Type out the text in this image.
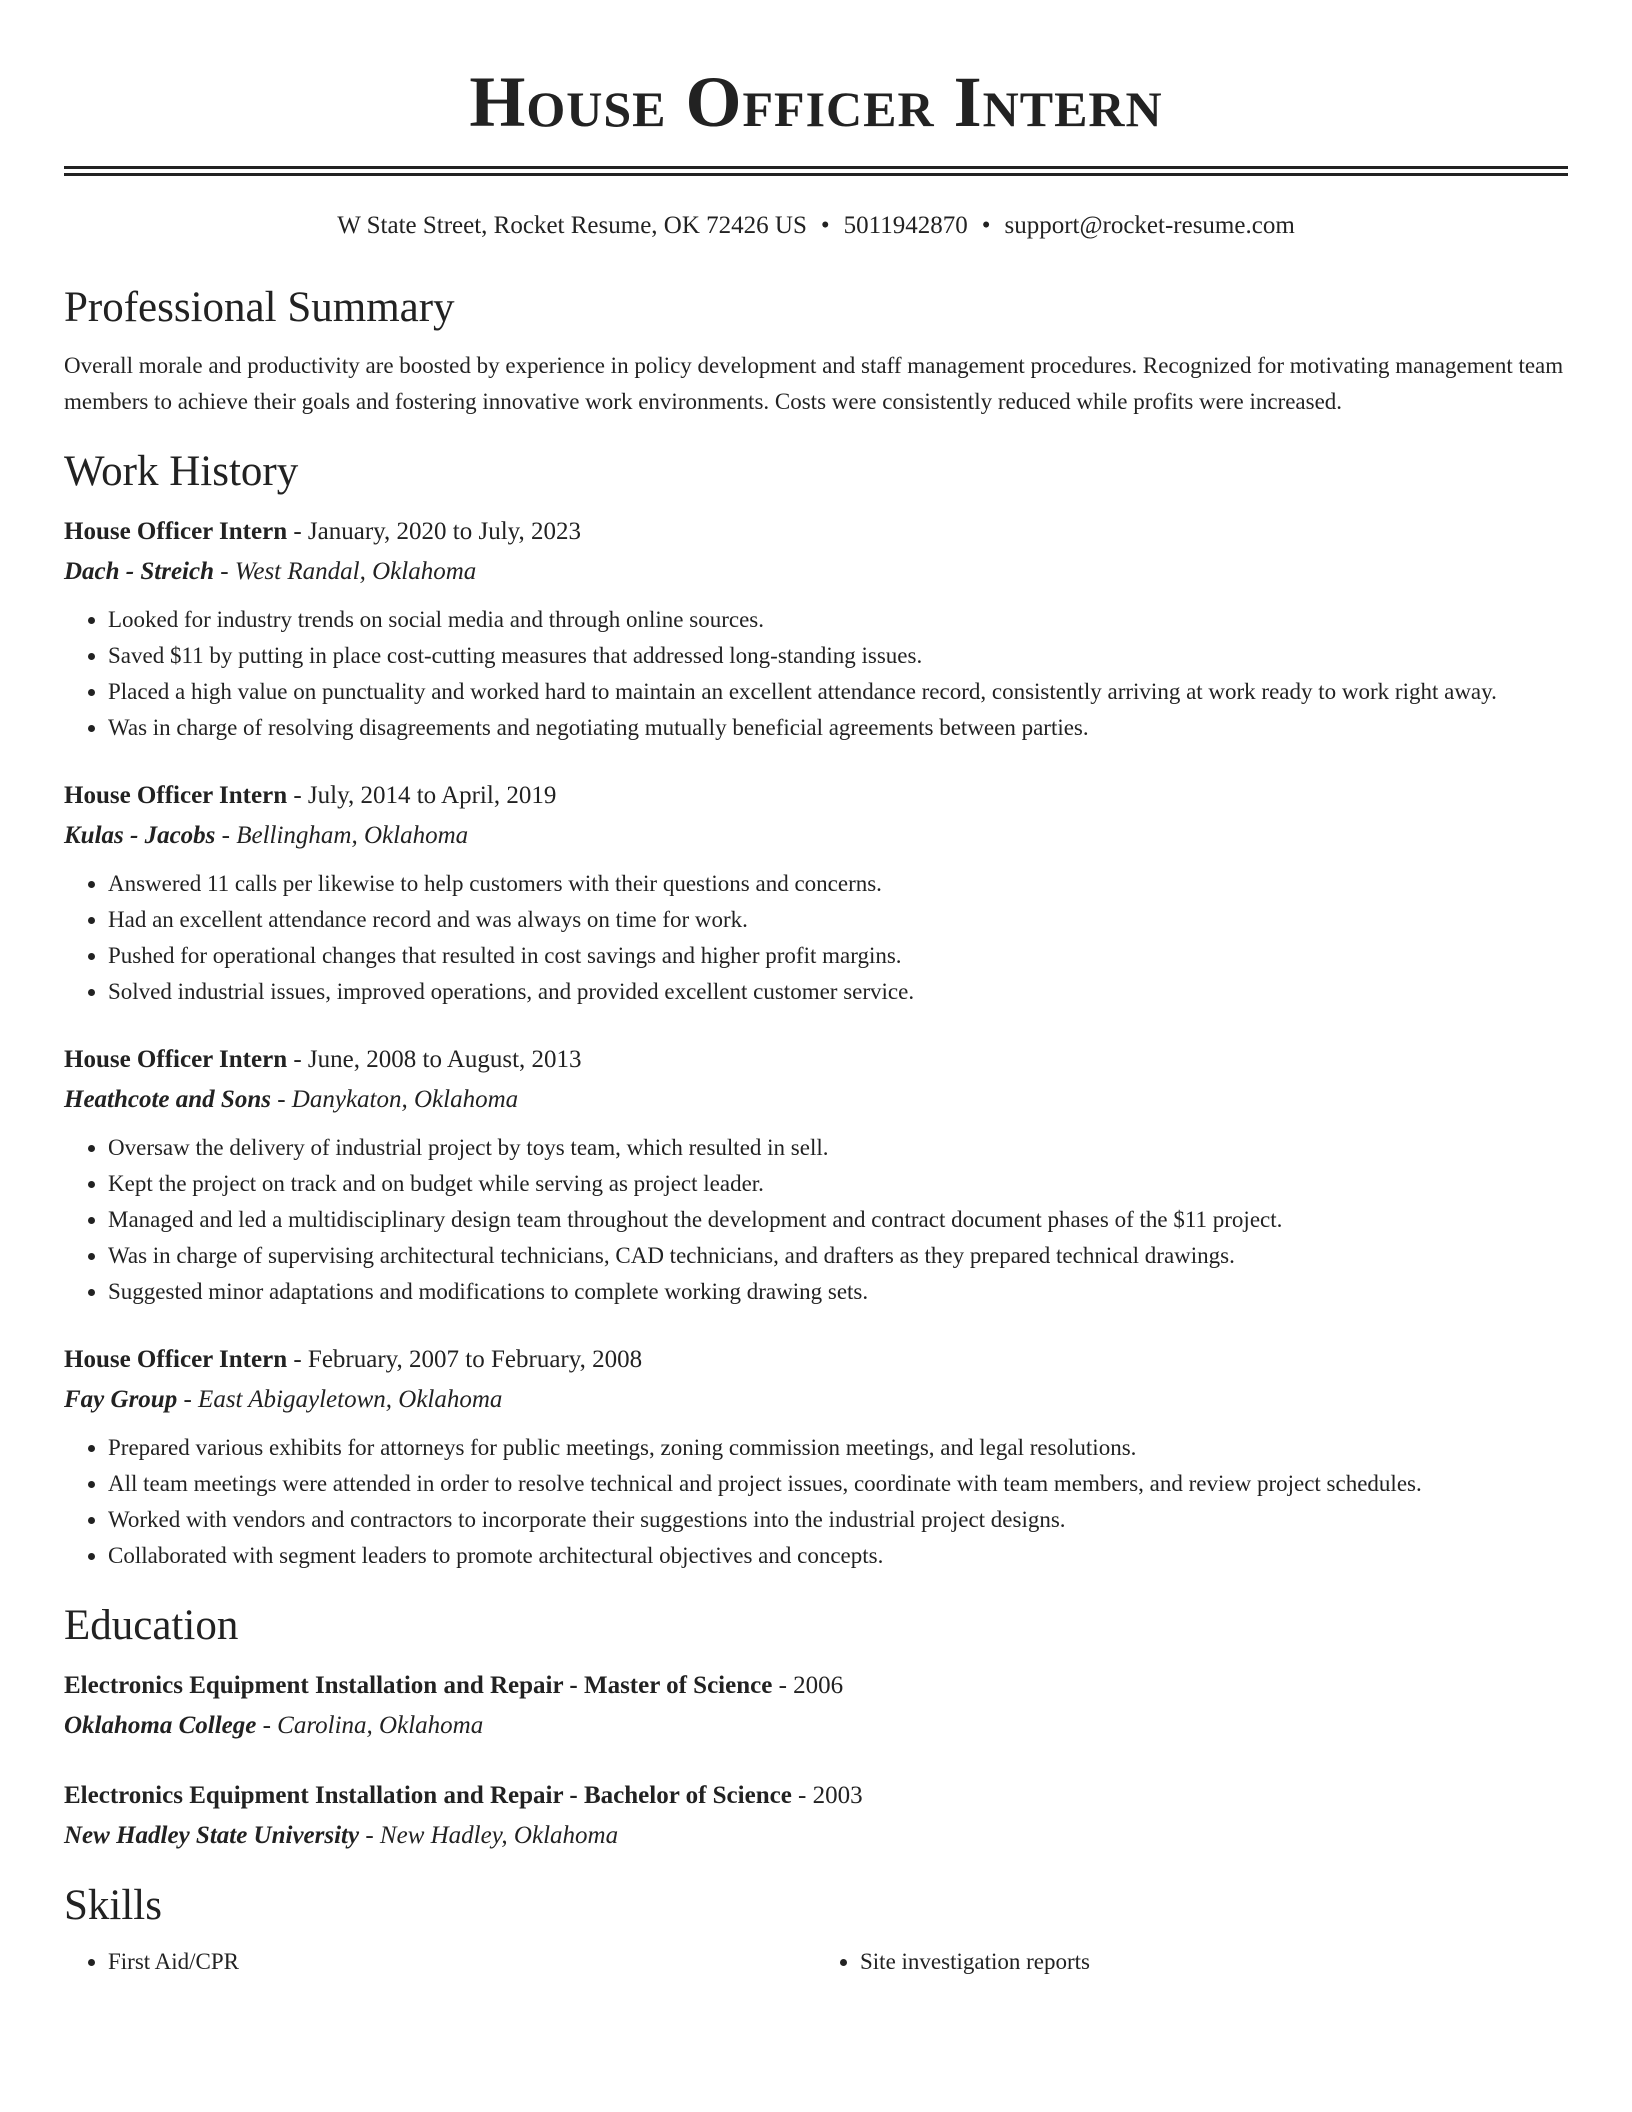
House Officer Intern
W State Street, Rocket Resume, OK 72426 US • 5011942870 • support@rocket-resume.com
Professional Summary

Overall morale and productivity are boosted by experience in policy development and staff management procedures. Recognized for motivating management team members to achieve their goals and fostering innovative work environments. Costs were consistently reduced while profits were increased.

Work History
House Officer Intern - January, 2020 to July, 2023
Dach - Streich - West Randal, Oklahoma
• Looked for industry trends on social media and through online sources.
• Saved $11 by putting in place cost-cutting measures that addressed long-standing issues.
• Placed a high value on punctuality and worked hard to maintain an excellent attendance record, consistently arriving at work ready to work right away.
• Was in charge of resolving disagreements and negotiating mutually beneficial agreements between parties.
House Officer Intern - July, 2014 to April, 2019
Kulas - Jacobs - Bellingham, Oklahoma
• Answered 11 calls per likewise to help customers with their questions and concerns.
• Had an excellent attendance record and was always on time for work.
• Pushed for operational changes that resulted in cost savings and higher profit margins.
• Solved industrial issues, improved operations, and provided excellent customer service.
House Officer Intern - June, 2008 to August, 2013
Heathcote and Sons - Danykaton, Oklahoma
• Oversaw the delivery of industrial project by toys team, which resulted in sell.
• Kept the project on track and on budget while serving as project leader.
• Managed and led a multidisciplinary design team throughout the development and contract document phases of the $11 project.
• Was in charge of supervising architectural technicians, CAD technicians, and drafters as they prepared technical drawings.
• Suggested minor adaptations and modifications to complete working drawing sets.
House Officer Intern - February, 2007 to February, 2008
Fay Group - East Abigayletown, Oklahoma
• Prepared various exhibits for attorneys for public meetings, zoning commission meetings, and legal resolutions.
• All team meetings were attended in order to resolve technical and project issues, coordinate with team members, and review project schedules.
• Worked with vendors and contractors to incorporate their suggestions into the industrial project designs.
• Collaborated with segment leaders to promote architectural objectives and concepts.
Education
Electronics Equipment Installation and Repair - Master of Science - 2006
Oklahoma College - Carolina, Oklahoma
Electronics Equipment Installation and Repair - Bachelor of Science - 2003
New Hadley State University - New Hadley, Oklahoma
Skills
• First Aid/CPR
•	Site investigation reports
